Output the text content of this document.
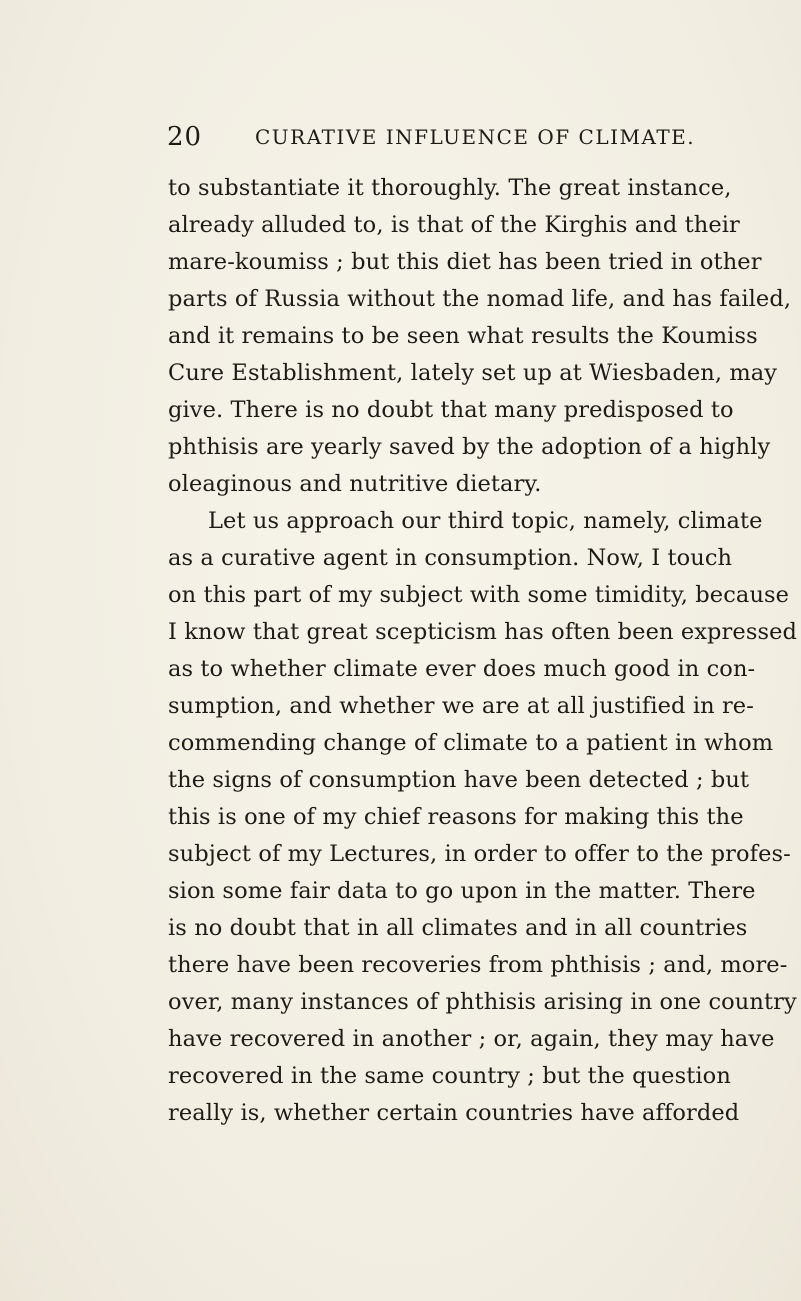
20	CURATIVE INFLUENCE OF CLIMATE.
to substantiate it thoroughly. The great instance,
already alluded to, is that of the Kirghis and their
mare-koumiss ; but this diet has been tried in other
parts of Russia without the nomad life, and has failed,
and it remains to be seen what results the Koumiss
Cure Establishment, lately set up at Wiesbaden, may
give. There is no doubt that many predisposed to
phthisis are yearly saved by the adoption of a highly
oleaginous and nutritive dietary.
Let us approach our third topic, namely, climate
as a curative agent in consumption. Now, I touch
on this part of my subject with some timidity, because
I know that great scepticism has often been expressed
as to whether climate ever does much good in con-
sumption, and whether we are at all justified in re-
commending change of climate to a patient in whom
the signs of consumption have been detected ; but
this is one of my chief reasons for making this the
subject of my Lectures, in order to offer to the profes-
sion some fair data to go upon in the matter. There
is no doubt that in all climates and in all countries
there have been recoveries from phthisis ; and, more-
over, many instances of phthisis arising in one country
have recovered in another ; or, again, they may have
recovered in the same country ; but the question
really is, whether certain countries have afforded
